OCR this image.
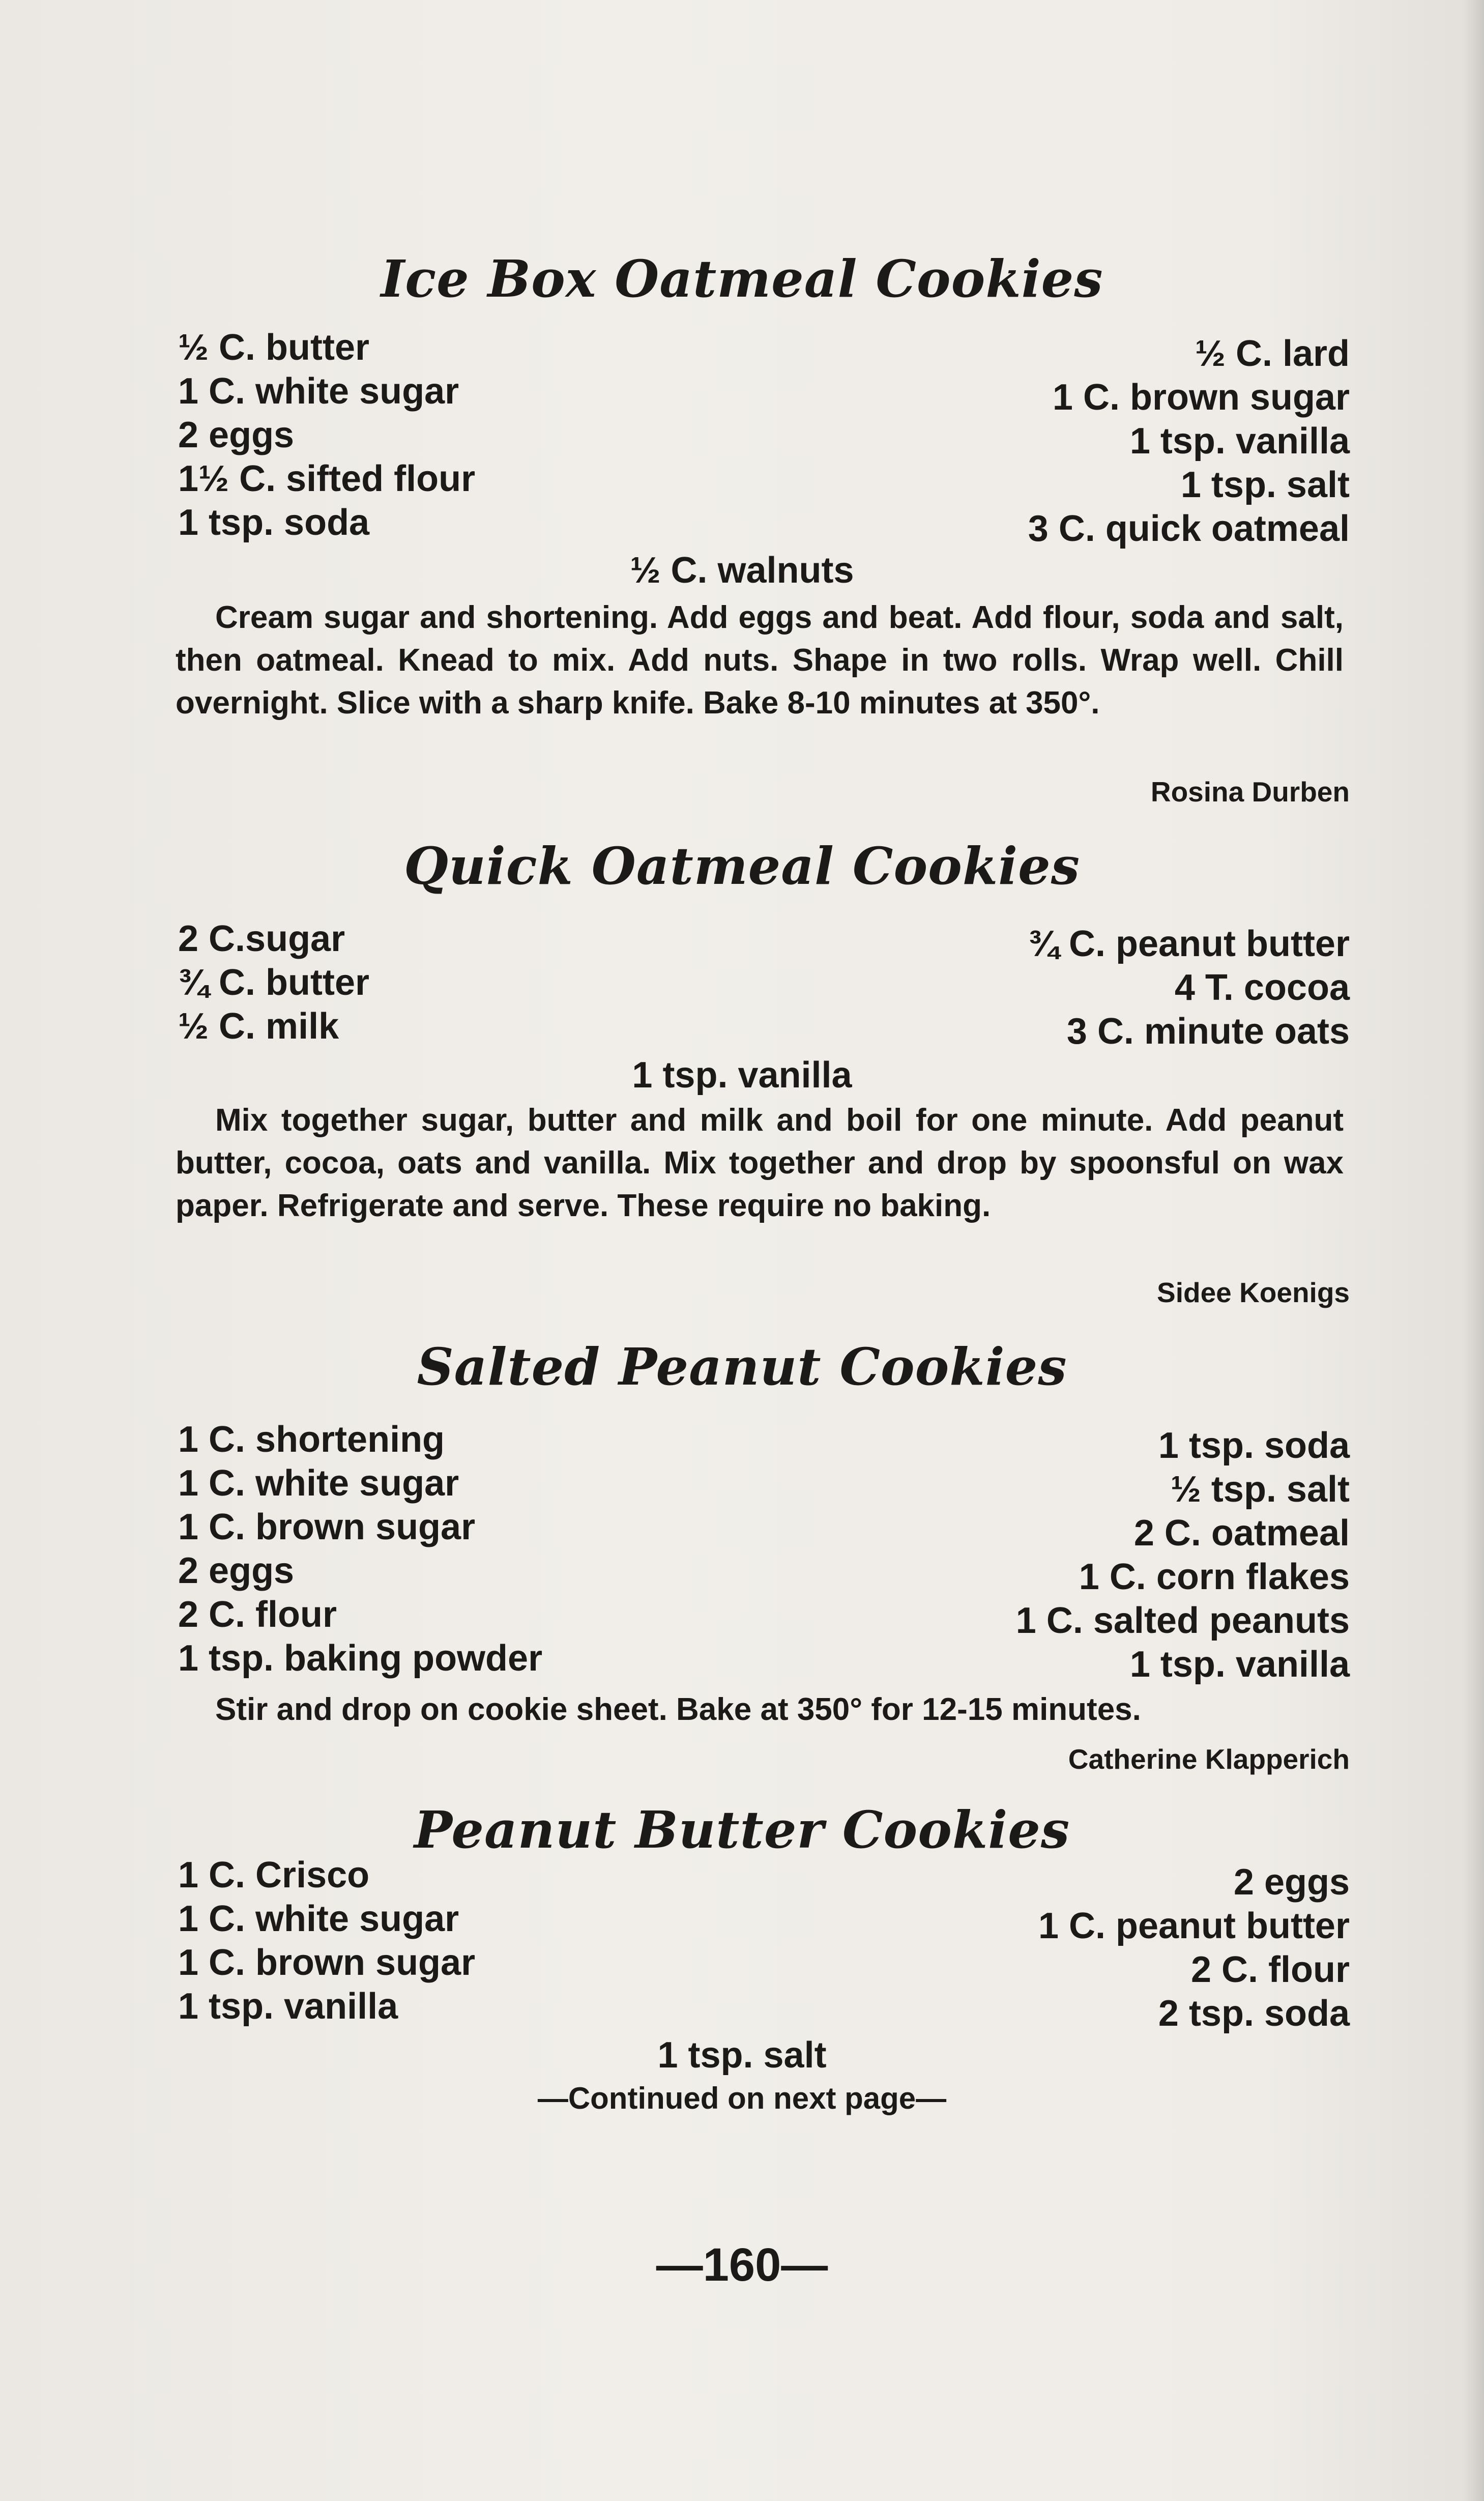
Ice Box Oatmeal Cookies
½ C. butter
1 C. white sugar
2 eggs
1½ C. sifted flour
1 tsp. soda
½ C. lard
1 C. brown sugar
1 tsp. vanilla
1 tsp. salt
3 C. quick oatmeal
½ C. walnuts
Cream sugar and shortening. Add eggs and beat. Add flour, soda and salt, then oatmeal. Knead to mix. Add nuts. Shape in two rolls. Wrap well. Chill overnight. Slice with a sharp knife. Bake 8-10 minutes at 350°.
Rosina Durben
Quick Oatmeal Cookies
2 C.sugar
¾ C. butter
½ C. milk
¾ C. peanut butter
4 T. cocoa
3 C. minute oats
1 tsp. vanilla
Mix together sugar, butter and milk and boil for one minute. Add peanut butter, cocoa, oats and vanilla. Mix together and drop by spoonsful on wax paper. Refrigerate and serve. These require no baking.
Sidee Koenigs
Salted Peanut Cookies
1 C. shortening
1 C. white sugar
1 C. brown sugar
2 eggs
2 C. flour
1 tsp. baking powder
1 tsp. soda
½ tsp. salt
2 C. oatmeal
1 C. corn flakes
1 C. salted peanuts
1 tsp. vanilla
Stir and drop on cookie sheet. Bake at 350° for 12-15 minutes.
Catherine Klapperich
Peanut Butter Cookies
1 C. Crisco
1 C. white sugar
1 C. brown sugar
1 tsp. vanilla
2 eggs
1 C. peanut butter
2 C. flour
2 tsp. soda
1 tsp. salt
—Continued on next page—
—160—
